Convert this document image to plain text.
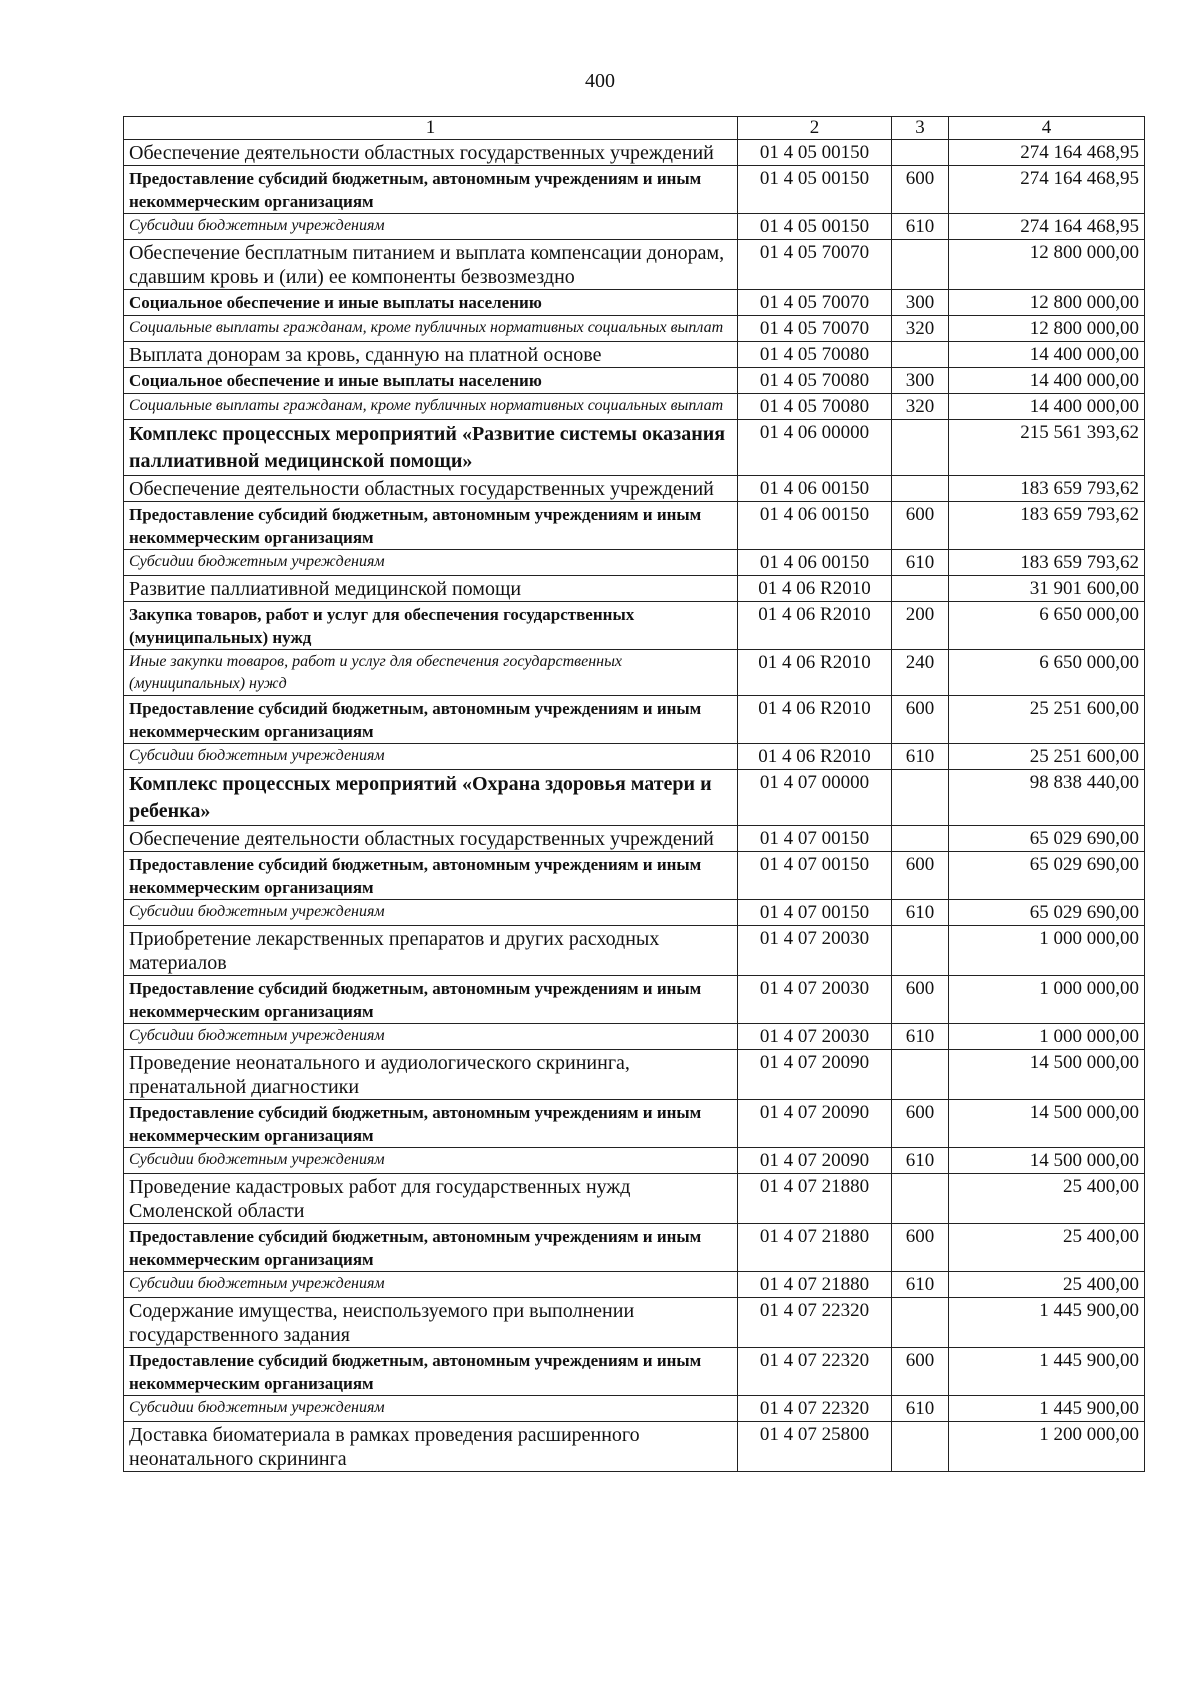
400
1	2	3	4
Обеспечение деятельности областных государственных учреждений	01 4 05 00150		274 164 468,95
Предоставление субсидий бюджетным, автономным учреждениям и иным некоммерческим организациям	01 4 05 00150	600	274 164 468,95
Субсидии бюджетным учреждениям	01 4 05 00150	610	274 164 468,95
Обеспечение бесплатным питанием и выплата компенсации донорам, сдавшим кровь и (или) ее компоненты безвозмездно	01 4 05 70070		12 800 000,00
Социальное обеспечение и иные выплаты населению	01 4 05 70070	300	12 800 000,00
Социальные выплаты гражданам, кроме публичных нормативных социальных выплат	01 4 05 70070	320	12 800 000,00
Выплата донорам за кровь, сданную на платной основе	01 4 05 70080		14 400 000,00
Социальное обеспечение и иные выплаты населению	01 4 05 70080	300	14 400 000,00
Социальные выплаты гражданам, кроме публичных нормативных социальных выплат	01 4 05 70080	320	14 400 000,00
Комплекс процессных мероприятий «Развитие системы оказания паллиативной медицинской помощи»	01 4 06 00000		215 561 393,62
Обеспечение деятельности областных государственных учреждений	01 4 06 00150		183 659 793,62
Предоставление субсидий бюджетным, автономным учреждениям и иным некоммерческим организациям	01 4 06 00150	600	183 659 793,62
Субсидии бюджетным учреждениям	01 4 06 00150	610	183 659 793,62
Развитие паллиативной медицинской помощи	01 4 06 R2010		31 901 600,00
Закупка товаров, работ и услуг для обеспечения государственных (муниципальных) нужд	01 4 06 R2010	200	6 650 000,00
Иные закупки товаров, работ и услуг для обеспечения государственных (муниципальных) нужд	01 4 06 R2010	240	6 650 000,00
Предоставление субсидий бюджетным, автономным учреждениям и иным некоммерческим организациям	01 4 06 R2010	600	25 251 600,00
Субсидии бюджетным учреждениям	01 4 06 R2010	610	25 251 600,00
Комплекс процессных мероприятий «Охрана здоровья матери и ребенка»	01 4 07 00000		98 838 440,00
Обеспечение деятельности областных государственных учреждений	01 4 07 00150		65 029 690,00
Предоставление субсидий бюджетным, автономным учреждениям и иным некоммерческим организациям	01 4 07 00150	600	65 029 690,00
Субсидии бюджетным учреждениям	01 4 07 00150	610	65 029 690,00
Приобретение лекарственных препаратов и других расходных материалов	01 4 07 20030		1 000 000,00
Предоставление субсидий бюджетным, автономным учреждениям и иным некоммерческим организациям	01 4 07 20030	600	1 000 000,00
Субсидии бюджетным учреждениям	01 4 07 20030	610	1 000 000,00
Проведение неонатального и аудиологического скрининга, пренатальной диагностики	01 4 07 20090		14 500 000,00
Предоставление субсидий бюджетным, автономным учреждениям и иным некоммерческим организациям	01 4 07 20090	600	14 500 000,00
Субсидии бюджетным учреждениям	01 4 07 20090	610	14 500 000,00
Проведение кадастровых работ для государственных нужд Смоленской области	01 4 07 21880		25 400,00
Предоставление субсидий бюджетным, автономным учреждениям и иным некоммерческим организациям	01 4 07 21880	600	25 400,00
Субсидии бюджетным учреждениям	01 4 07 21880	610	25 400,00
Содержание имущества, неиспользуемого при выполнении государственного задания	01 4 07 22320		1 445 900,00
Предоставление субсидий бюджетным, автономным учреждениям и иным некоммерческим организациям	01 4 07 22320	600	1 445 900,00
Субсидии бюджетным учреждениям	01 4 07 22320	610	1 445 900,00
Доставка биоматериала в рамках проведения расширенного неонатального скрининга	01 4 07 25800		1 200 000,00
